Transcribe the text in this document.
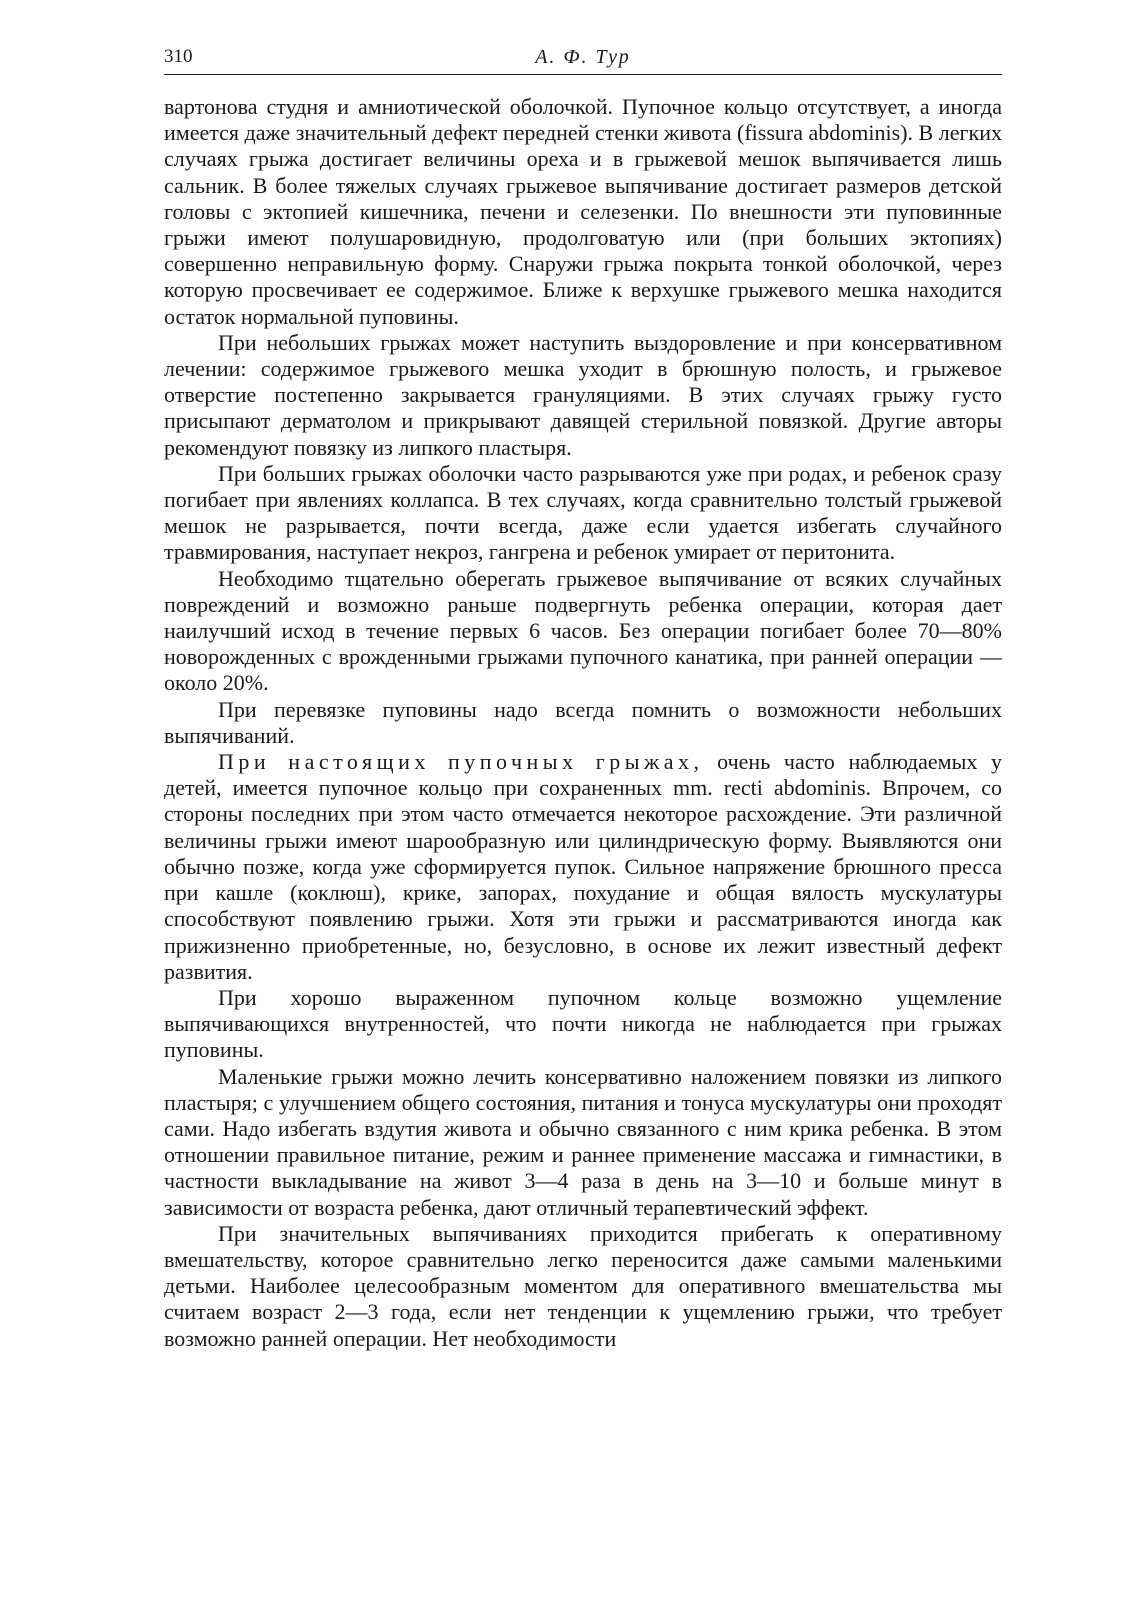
310	А. Ф. Тур

вартонова студня и амниотической оболочкой. Пупочное кольцо отсутствует, а иногда имеется даже значительный дефект передней стенки живота (fissura abdominis). В легких случаях грыжа достигает величины ореха и в грыжевой мешок выпячивается лишь сальник. В более тяжелых случаях грыжевое выпячивание достигает размеров детской головы с эктопией кишечника, печени и селезенки. По внешности эти пуповинные грыжи имеют полушаровидную, продолговатую или (при больших эктопиях) совершенно неправильную форму. Снаружи грыжа покрыта тонкой оболочкой, через которую просвечивает ее содержимое. Ближе к верхушке грыжевого мешка находится остаток нормальной пуповины.

При небольших грыжах может наступить выздоровление и при консервативном лечении: содержимое грыжевого мешка уходит в брюшную полость, и грыжевое отверстие постепенно закрывается грануляциями. В этих случаях грыжу густо присыпают дерматолом и прикрывают давящей стерильной повязкой. Другие авторы рекомендуют повязку из липкого пластыря.

При больших грыжах оболочки часто разрываются уже при родах, и ребенок сразу погибает при явлениях коллапса. В тех случаях, когда сравнительно толстый грыжевой мешок не разрывается, почти всегда, даже если удается избегать случайного травмирования, наступает некроз, гангрена и ребенок умирает от перитонита.

Необходимо тщательно оберегать грыжевое выпячивание от всяких случайных повреждений и возможно раньше подвергнуть ребенка операции, которая дает наилучший исход в течение первых 6 часов. Без операции погибает более 70—80% новорожденных с врожденными грыжами пупочного канатика, при ранней операции — около 20%.

При перевязке пуповины надо всегда помнить о возможности небольших выпячиваний.

При настоящих пупочных грыжах, очень часто наблюдаемых у детей, имеется пупочное кольцо при сохраненных mm. recti abdominis. Впрочем, со стороны последних при этом часто отмечается некоторое расхождение. Эти различной величины грыжи имеют шарообразную или цилиндрическую форму. Выявляются они обычно позже, когда уже сформируется пупок. Сильное напряжение брюшного пресса при кашле (коклюш), крике, запорах, похудание и общая вялость мускулатуры способствуют появлению грыжи. Хотя эти грыжи и рассматриваются иногда как прижизненно приобретенные, но, безусловно, в основе их лежит известный дефект развития.

При хорошо выраженном пупочном кольце возможно ущемление выпячивающихся внутренностей, что почти никогда не наблюдается при грыжах пуповины.

Маленькие грыжи можно лечить консервативно наложением повязки из липкого пластыря; с улучшением общего состояния, питания и тонуса мускулатуры они проходят сами. Надо избегать вздутия живота и обычно связанного с ним крика ребенка. В этом отношении правильное питание, режим и раннее применение массажа и гимнастики, в частности выкладывание на живот 3—4 раза в день на 3—10 и больше минут в зависимости от возраста ребенка, дают отличный терапевтический эффект.

При значительных выпячиваниях приходится прибегать к оперативному вмешательству, которое сравнительно легко переносится даже самыми маленькими детьми. Наиболее целесообразным моментом для оперативного вмешательства мы считаем возраст 2—3 года, если нет тенденции к ущемлению грыжи, что требует возможно ранней операции. Нет необходимости
